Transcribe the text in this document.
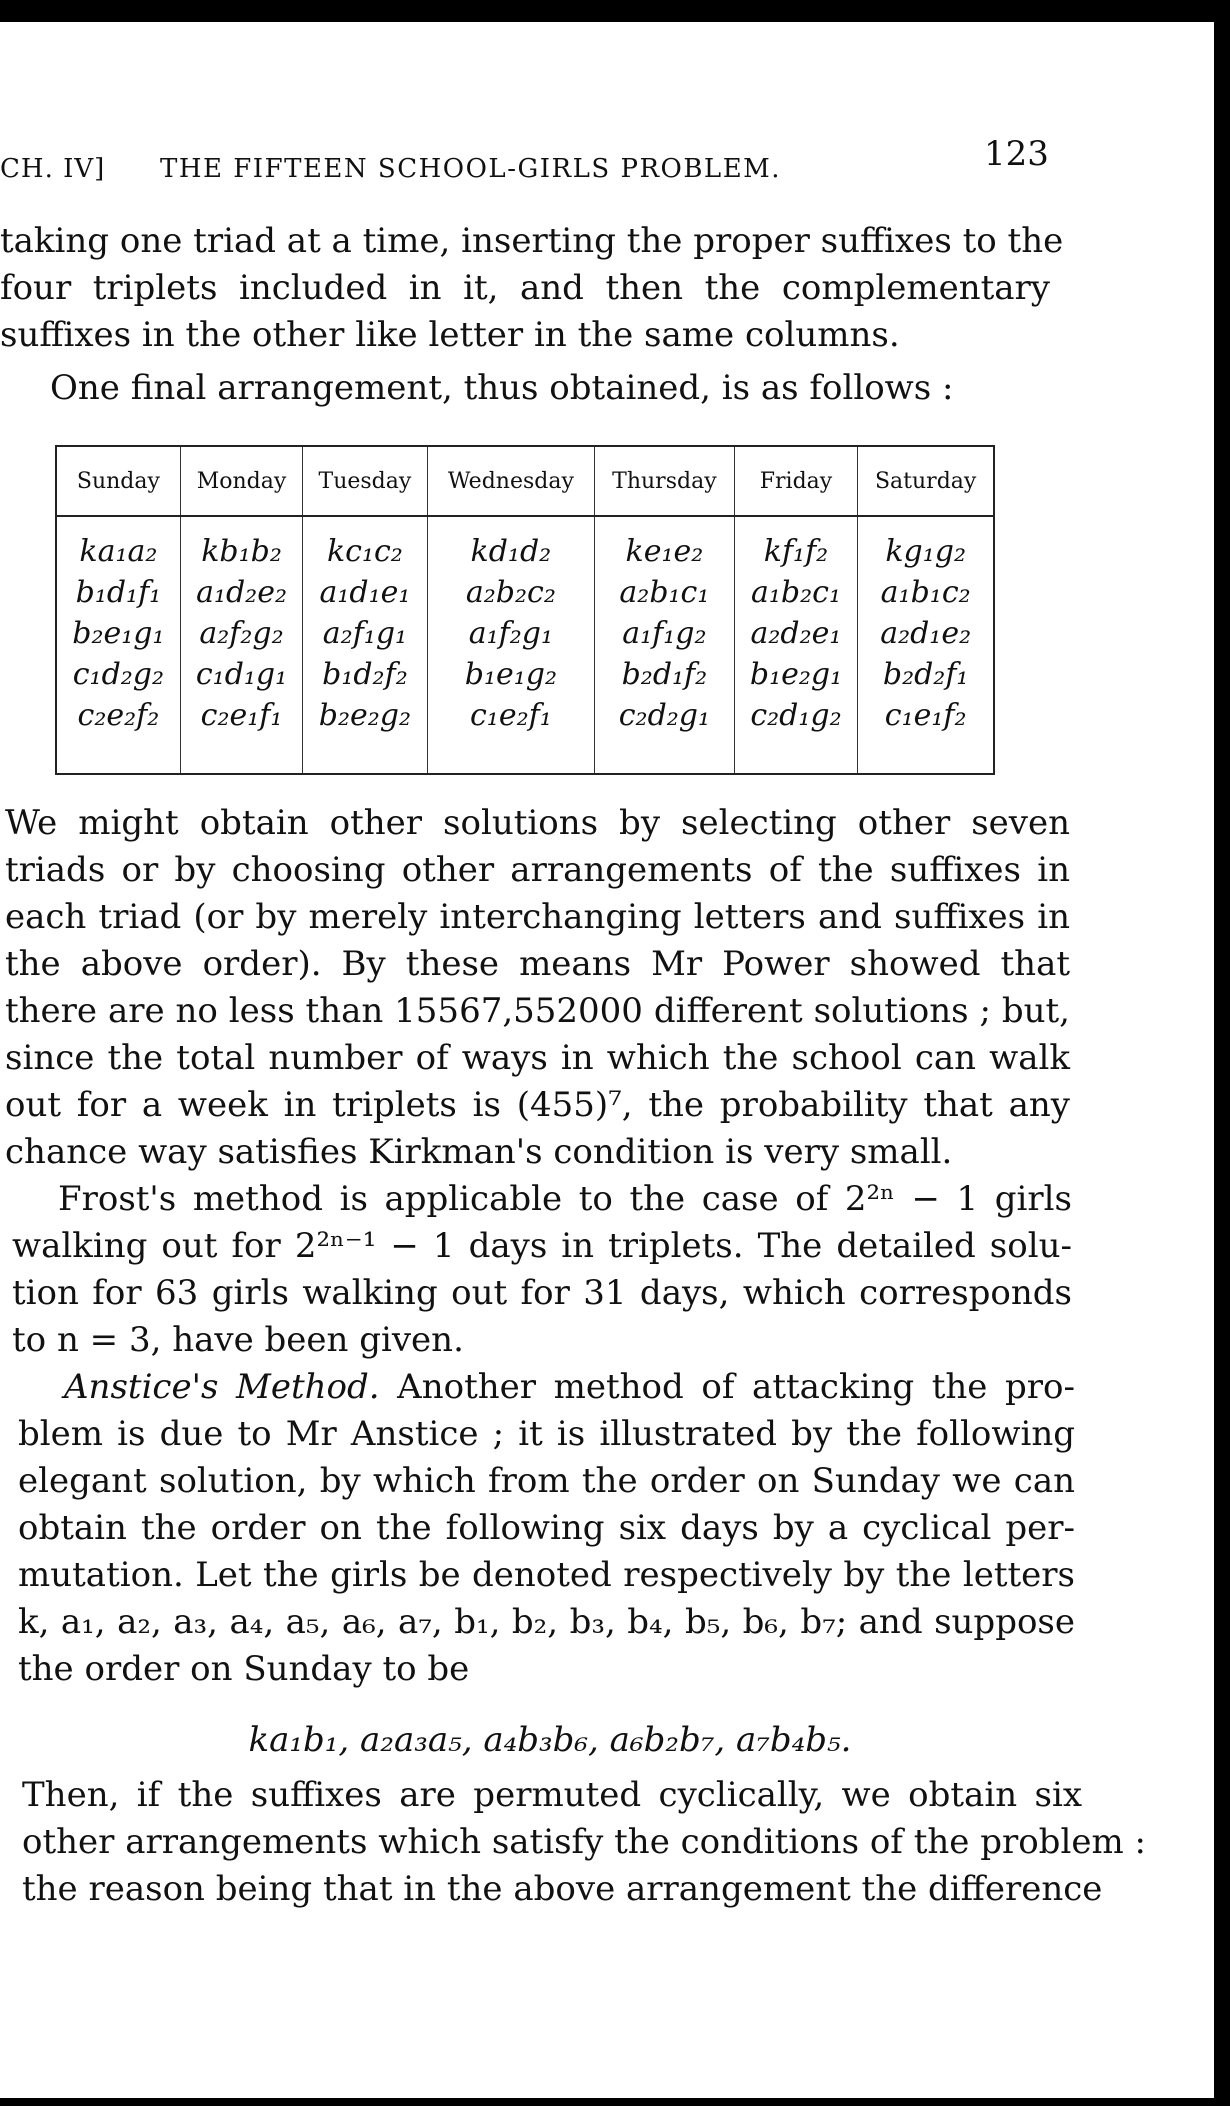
CH. IV] THE FIFTEEN SCHOOL-GIRLS PROBLEM.	123
taking one triad at a time, inserting the proper suffixes to the
four triplets included in it, and then the complementary
suffixes in the other like letter in the same columns.
One final arrangement, thus obtained, is as follows :
Sunday	Monday	Tuesday	Wednesday	Thursday	Friday	Saturday

ka₁a₂
b₁d₁f₁
b₂e₁g₁
c₁d₂g₂
c₂e₂f₂	kb₁b₂
a₁d₂e₂
a₂f₂g₂
c₁d₁g₁
c₂e₁f₁	kc₁c₂
a₁d₁e₁
a₂f₁g₁
b₁d₂f₂
b₂e₂g₂	kd₁d₂
a₂b₂c₂
a₁f₂g₁
b₁e₁g₂
c₁e₂f₁	ke₁e₂
a₂b₁c₁
a₁f₁g₂
b₂d₁f₂
c₂d₂g₁	kf₁f₂
a₁b₂c₁
a₂d₂e₁
b₁e₂g₁
c₂d₁g₂	kg₁g₂
a₁b₁c₂
a₂d₁e₂
b₂d₂f₁
c₁e₁f₂
We might obtain other solutions by selecting other seven
triads or by choosing other arrangements of the suffixes in
each triad (or by merely interchanging letters and suffixes in
the above order). By these means Mr Power showed that
there are no less than 15567,552000 different solutions ; but,
since the total number of ways in which the school can walk
out for a week in triplets is (455)⁷, the probability that any
chance way satisfies Kirkman's condition is very small.
Frost's method is applicable to the case of 2²ⁿ − 1 girls
walking out for 2²ⁿ⁻¹ − 1 days in triplets. The detailed solu-
tion for 63 girls walking out for 31 days, which corresponds
to n = 3, have been given.
Anstice's Method. Another method of attacking the pro-
blem is due to Mr Anstice ; it is illustrated by the following
elegant solution, by which from the order on Sunday we can
obtain the order on the following six days by a cyclical per-
mutation. Let the girls be denoted respectively by the letters
k, a₁, a₂, a₃, a₄, a₅, a₆, a₇, b₁, b₂, b₃, b₄, b₅, b₆, b₇; and suppose
the order on Sunday to be
ka₁b₁, a₂a₃a₅, a₄b₃b₆, a₆b₂b₇, a₇b₄b₅.
Then, if the suffixes are permuted cyclically, we obtain six
other arrangements which satisfy the conditions of the problem :
the reason being that in the above arrangement the difference
